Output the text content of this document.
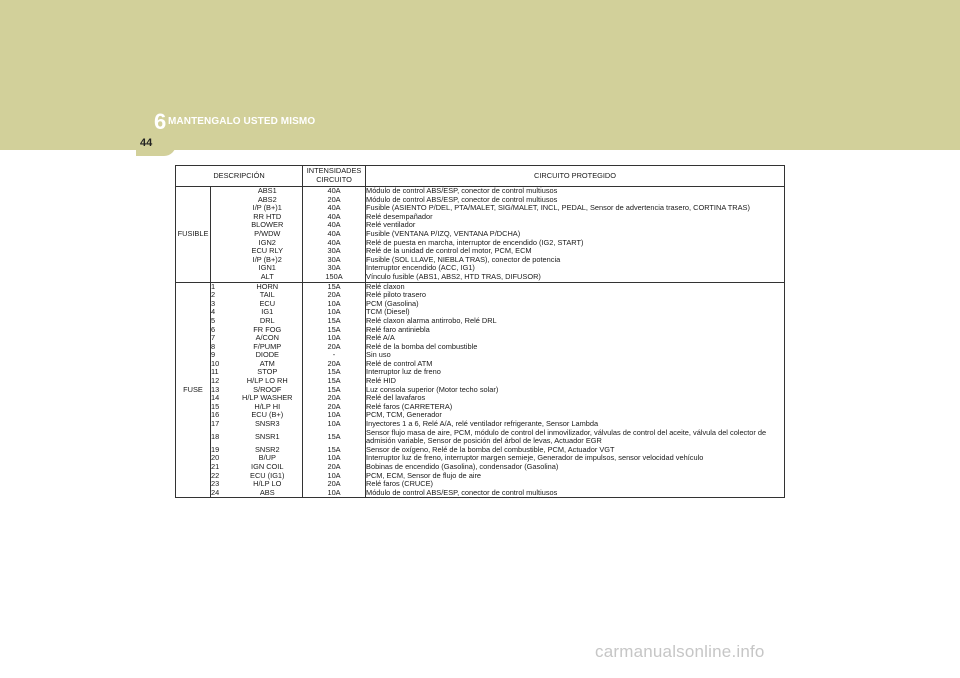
6 MANTENGALO USTED MISMO
44
DESCRIPCIÓN			INTENSIDADES CIRCUITO	CIRCUITO PROTEGIDO
FUSIBLE		ABS1	40A	Módulo de control ABS/ESP, conector de control multiusos
		ABS2	20A	Módulo de control ABS/ESP, conector de control multiusos
		I/P (B+)1	40A	Fusible (ASIENTO P/DEL, PTA/MALET, SIG/MALET, INCL, PEDAL, Sensor de advertencia trasero, CORTINA TRAS)
		RR HTD	40A	Relé desempañador
		BLOWER	40A	Relé ventilador
		P/WDW	40A	Fusible (VENTANA P/IZQ, VENTANA P/DCHA)
		IGN2	40A	Relé de puesta en marcha, interruptor de encendido (IG2, START)
		ECU RLY	30A	Relé de la unidad de control del motor, PCM, ECM
		I/P (B+)2	30A	Fusible (SOL LLAVE, NIEBLA TRAS), conector de potencia
		IGN1	30A	Interruptor encendido (ACC, IG1)
		ALT	150A	Vínculo fusible (ABS1, ABS2, HTD TRAS, DIFUSOR)
FUSE	1	HORN	15A	Relé claxon
	2	TAIL	20A	Relé piloto trasero
	3	ECU	10A	PCM (Gasolina)
	4	IG1	10A	TCM (Diesel)
	5	DRL	15A	Relé claxon alarma antirrobo, Relé DRL
	6	FR FOG	15A	Relé faro antiniebla
	7	A/CON	10A	Relé A/A
	8	F/PUMP	20A	Relé de la bomba del combustible
	9	DIODE	-	Sin uso
	10	ATM	20A	Relé de control ATM
	11	STOP	15A	Interruptor luz de freno
	12	H/LP LO RH	15A	Relé HID
	13	S/ROOF	15A	Luz consola superior (Motor techo solar)
	14	H/LP WASHER	20A	Relé del lavafaros
	15	H/LP HI	20A	Relé faros (CARRETERA)
	16	ECU (B+)	10A	PCM, TCM, Generador
	17	SNSR3	10A	Inyectores 1 a 6, Relé A/A, relé ventilador refrigerante, Sensor Lambda
	18	SNSR1	15A	Sensor flujo masa de aire, PCM, módulo de control del inmovilizador, válvulas de control del aceite, válvula del colector de admisión variable, Sensor de posición del árbol de levas, Actuador EGR
	19	SNSR2	15A	Sensor de oxígeno, Relé de la bomba del combustible, PCM, Actuador VGT
	20	B/UP	10A	Interruptor luz de freno, interruptor margen semieje, Generador de impulsos, sensor velocidad vehículo
	21	IGN COIL	20A	Bobinas de encendido (Gasolina), condensador (Gasolina)
	22	ECU (IG1)	10A	PCM, ECM, Sensor de flujo de aire
	23	H/LP LO	20A	Relé faros (CRUCE)
	24	ABS	10A	Módulo de control ABS/ESP, conector de control multiusos
carmanualsonline.info
